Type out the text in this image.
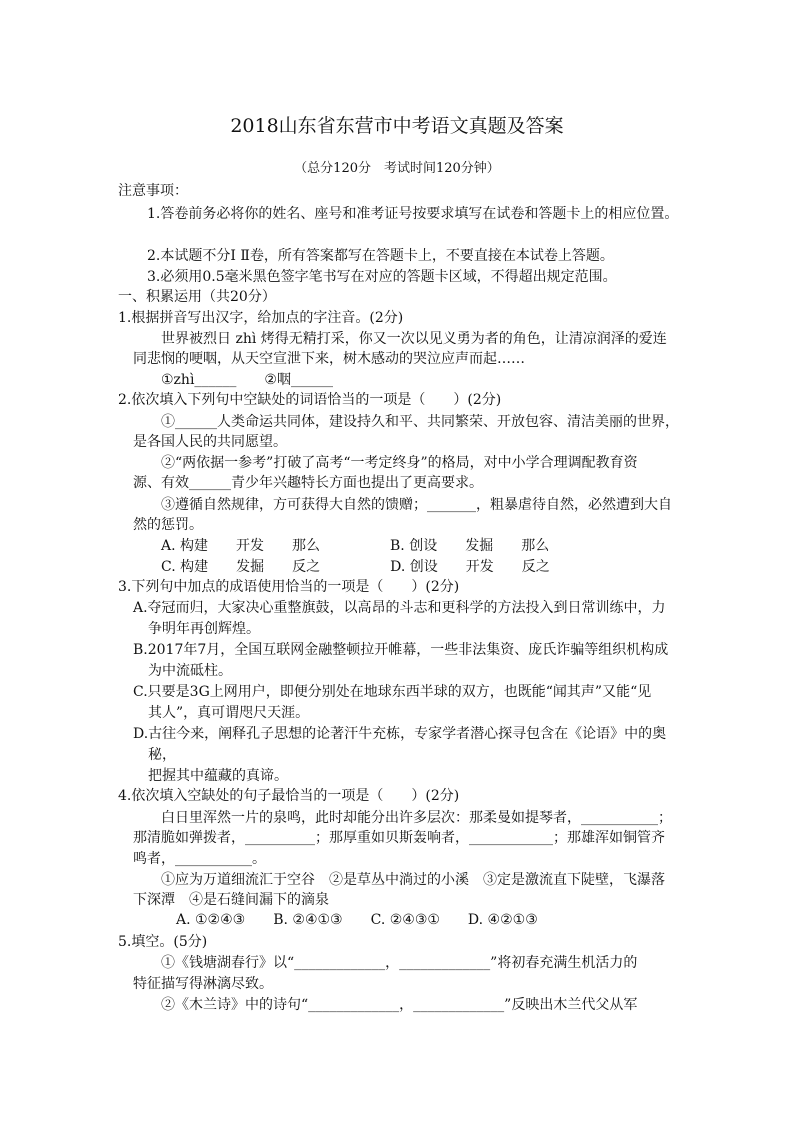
2018山东省东营市中考语文真题及答案
（总分120分　考试时间120分钟）
注意事项：
1.答卷前务必将你的姓名、座号和准考证号按要求填写在试卷和答题卡上的相应位置。
2.本试题不分Ⅰ Ⅱ卷，所有答案都写在答题卡上，不要直接在本试卷上答题。
3.必须用0.5毫米黑色签字笔书写在对应的答题卡区域，不得超出规定范围。
一、积累运用（共20分）
1.根据拼音写出汉字，给加点的字注音。(2分)
世界被烈日 zhì 烤得无精打采，你又一次以见义勇为者的角色，让清凉润泽的爱连
同悲悯的哽咽，从天空宣泄下来，树木感动的哭泣应声而起……
①zhì______　　②咽______
2.依次填入下列句中空缺处的词语恰当的一项是（　　）(2分)
①______人类命运共同体，建设持久和平、共同繁荣、开放包容、清洁美丽的世界，
是各国人民的共同愿望。
②“两依据一参考”打破了高考“一考定终身”的格局，对中小学合理调配教育资
源、有效______青少年兴趣特长方面也提出了更高要求。
③遵循自然规律，方可获得大自然的馈赠；_______，粗暴虐待自然，必然遭到大自
然的惩罚。
A. 构建　　开发　　那么　　　　　B. 创设　　发掘　　那么
C. 构建　　发掘　　反之　　　　　D. 创设　　开发　　反之
3.下列句中加点的成语使用恰当的一项是（　　）(2分)
A.夺冠而归，大家决心重整旗鼓，以高昂的斗志和更科学的方法投入到日常训练中，力
争明年再创辉煌。
B.2017年7月，全国互联网金融整顿拉开帷幕，一些非法集资、庞氏诈骗等组织机构成
为中流砥柱。
C.只要是3G上网用户，即便分别处在地球东西半球的双方，也既能“闻其声”又能“见
其人”，真可谓咫尺天涯。
D.古往今来，阐释孔子思想的论著汗牛充栋，专家学者潜心探寻包含在《论语》中的奥
秘，
把握其中蕴藏的真谛。
4.依次填入空缺处的句子最恰当的一项是（　　）(2分)
白日里浑然一片的泉鸣，此时却能分出许多层次：那柔曼如提琴者，___________；
那清脆如弹拨者，__________；那厚重如贝斯轰响者，____________；那雄浑如铜管齐
鸣者，___________。
①应为万道细流汇于空谷　②是草丛中淌过的小溪　③定是激流直下陡壁，飞瀑落
下深潭　④是石缝间漏下的滴泉
A. ①②④③　　B. ②④①③　　C. ②④③①　　D. ④②①③
5.填空。(5分)
①《钱塘湖春行》以“_____________，_____________”将初春充满生机活力的
特征描写得淋漓尽致。
②《木兰诗》中的诗句“_____________，_____________”反映出木兰代父从军
